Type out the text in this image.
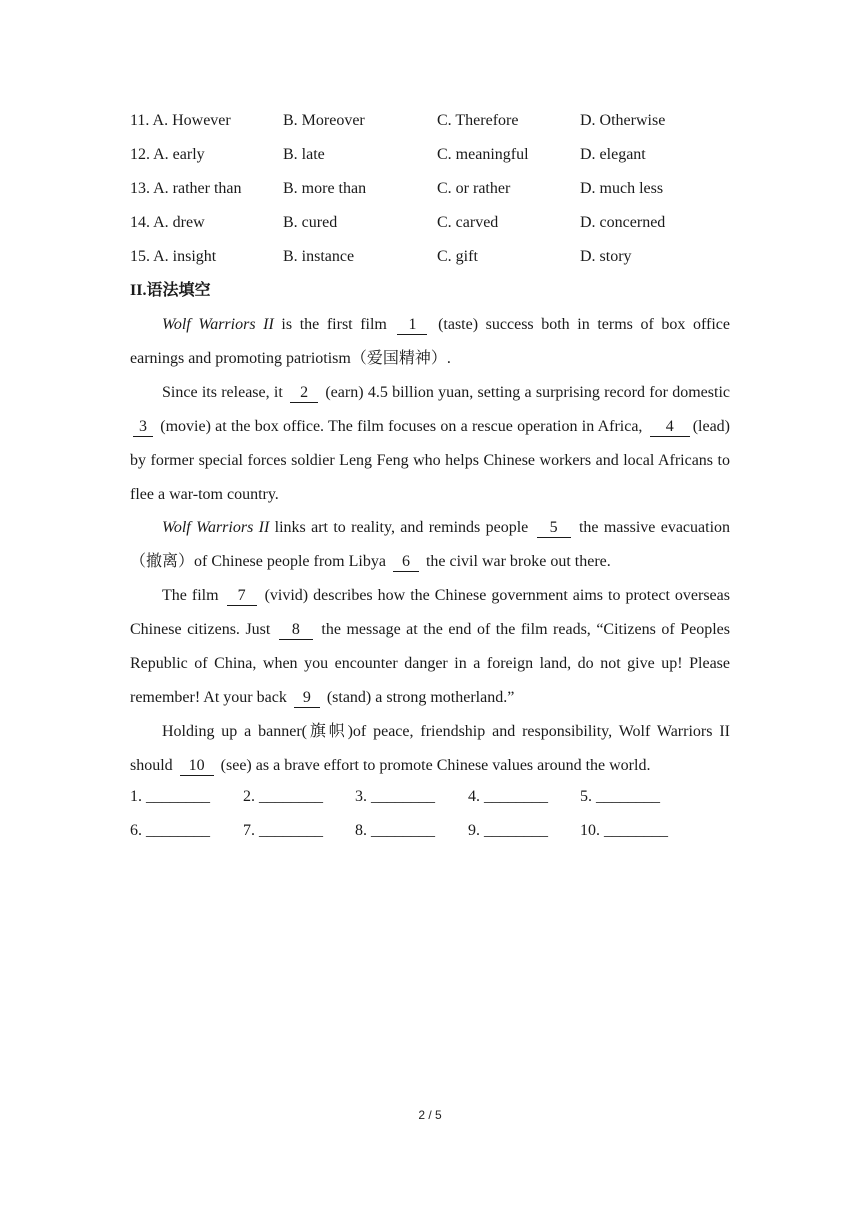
11. A. However	B. Moreover	C. Therefore	D. Otherwise
12. A. early	B. late	C. meaningful	D. elegant
13. A. rather than	B. more than	C. or rather	D. much less
14. A. drew	B. cured	C. carved	D. concerned
15. A. insight	B. instance	C. gift	D. story
II.语法填空

Wolf Warriors II is the first film 1 (taste) success both in terms of box office earnings and promoting patriotism（爱国精神）.

Since its release, it 2 (earn) 4.5 billion yuan, setting a surprising record for domestic 3 (movie) at the box office. The film focuses on a rescue operation in Africa, 4 (lead) by former special forces soldier Leng Feng who helps Chinese workers and local Africans to flee a war-tom country.

Wolf Warriors II links art to reality, and reminds people 5 the massive evacuation（撤离）of Chinese people from Libya 6 the civil war broke out there.

The film 7 (vivid) describes how the Chinese government aims to protect overseas Chinese citizens. Just 8 the message at the end of the film reads, “Citizens of Peoples Republic of China, when you encounter danger in a foreign land, do not give up! Please remember! At your back 9 (stand) a strong motherland.”

Holding up a banner(旗帜)of peace, friendship and responsibility, Wolf Warriors II should 10 (see) as a brave effort to promote Chinese values around the world.

1. ________ 2. ________ 3. ________ 4. ________ 5. ________
6. ________ 7. ________ 8. ________ 9. ________ 10. ________
2 / 5
